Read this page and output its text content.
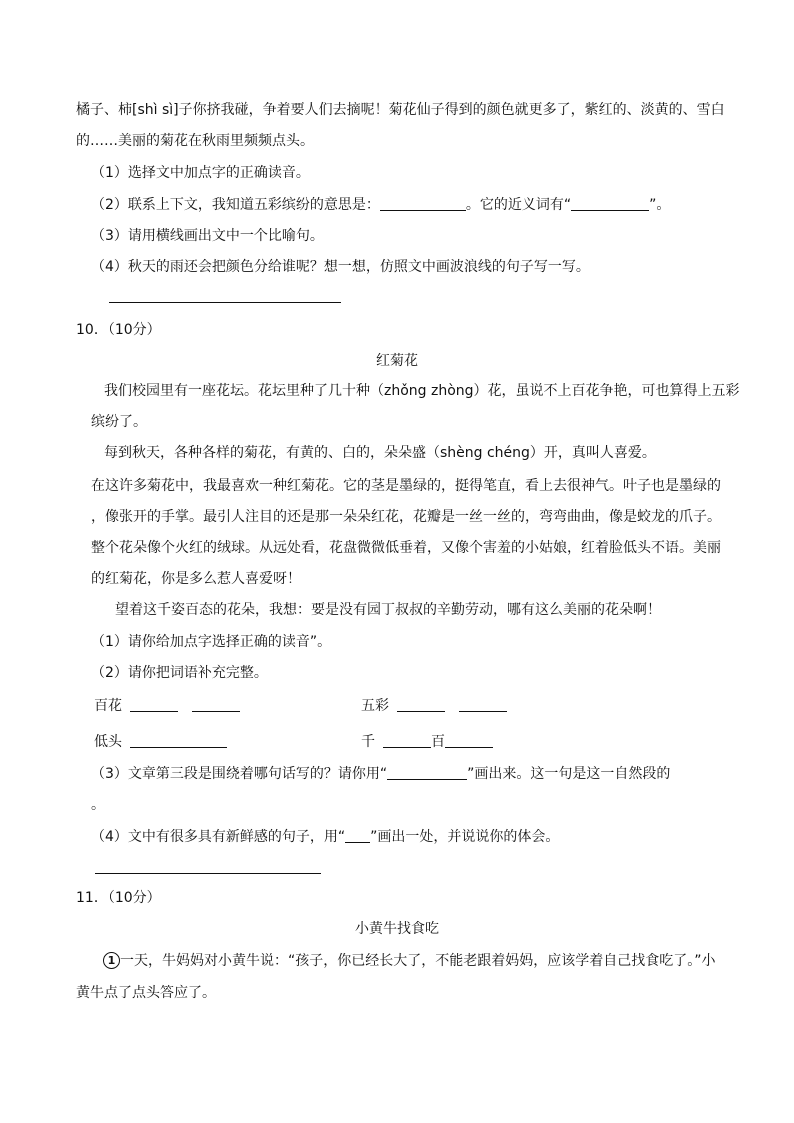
橘子、柿[shì sì]子你挤我碰，争着要人们去摘呢！菊花仙子得到的颜色就更多了，紫红的、淡黄的、雪白
的……美丽的菊花在秋雨里频频点头。
（1）选择文中加点字的正确读音。
（2）联系上下文，我知道五彩缤纷的意思是：	。它的近义词有“	”。
（3）请用横线画出文中一个比喻句。
（4）秋天的雨还会把颜色分给谁呢？想一想，仿照文中画波浪线的句子写一写。
10．（10分）
红菊花
我们校园里有一座花坛。花坛里种了几十种（zhǒng zhòng）花，虽说不上百花争艳，可也算得上五彩
缤纷了。
每到秋天，各种各样的菊花，有黄的、白的，朵朵盛（shèng chéng）开，真叫人喜爱。
在这许多菊花中，我最喜欢一种红菊花。它的茎是墨绿的，挺得笔直，看上去很神气。叶子也是墨绿的
，像张开的手掌。最引人注目的还是那一朵朵红花，花瓣是一丝一丝的，弯弯曲曲，像是蛟龙的爪子。
整个花朵像个火红的绒球。从远处看，花盘微微低垂着，又像个害羞的小姑娘，红着脸低头不语。美丽
的红菊花，你是多么惹人喜爱呀！
望着这千姿百态的花朵，我想：要是没有园丁叔叔的辛勤劳动，哪有这么美丽的花朵啊！
（1）请你给加点字选择正确的读音”。
（2）请你把词语补充完整。
百花	五彩
低头	千	百
（3）文章第三段是围绕着哪句话写的？请你用“	”画出来。这一句是这一自然段的
。
（4）文中有很多具有新鲜感的句子，用“ ”画出一处，并说说你的体会。
11．（10分）
小黄牛找食吃
1 一天，牛妈妈对小黄牛说：“孩子，你已经长大了，不能老跟着妈妈，应该学着自己找食吃了。”小
黄牛点了点头答应了。
